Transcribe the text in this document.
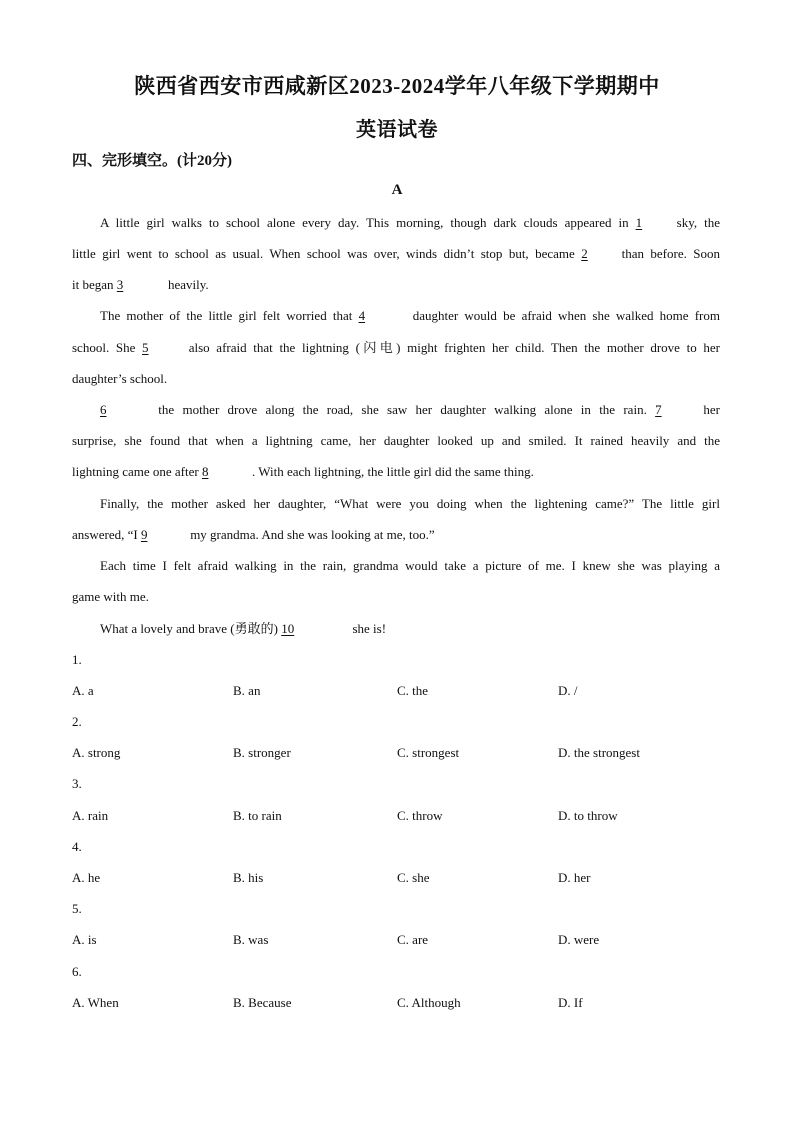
陕西省西安市西咸新区2023-2024学年八年级下学期期中
英语试卷
四、完形填空。(计20分)
A
A little girl walks to school alone every day. This morning, though dark clouds appeared in 1 sky, the
little girl went to school as usual. When school was over, winds didn’t stop but, became 2 than before. Soon
it began 3	heavily.
The mother of the little girl felt worried that 4	daughter would be afraid when she walked home from
school. She 5	also afraid that the lightning (闪电) might frighten her child. Then the mother drove to her
daughter’s school.
6	the mother drove along the road, she saw her daughter walking alone in the rain. 7	her
surprise, she found that when a lightning came, her daughter looked up and smiled. It rained heavily and the
lightning came one after 8	. With each lightning, the little girl did the same thing.
Finally, the mother asked her daughter, “What were you doing when the lightening came?” The little girl
answered, “I 9	my grandma. And she was looking at me, too.”
Each time I felt afraid walking in the rain, grandma would take a picture of me. I knew she was playing a
game with me.
What a lovely and brave (勇敢的) 10	she is!
1.
A. a	B. an	C. the	D. /
2.
A. strong	B. stronger	C. strongest	D. the strongest
3.
A. rain	B. to rain	C. throw	D. to throw
4.
A. he	B. his	C. she	D. her
5.
A. is	B. was	C. are	D. were
6.
A. When	B. Because	C. Although	D. If
